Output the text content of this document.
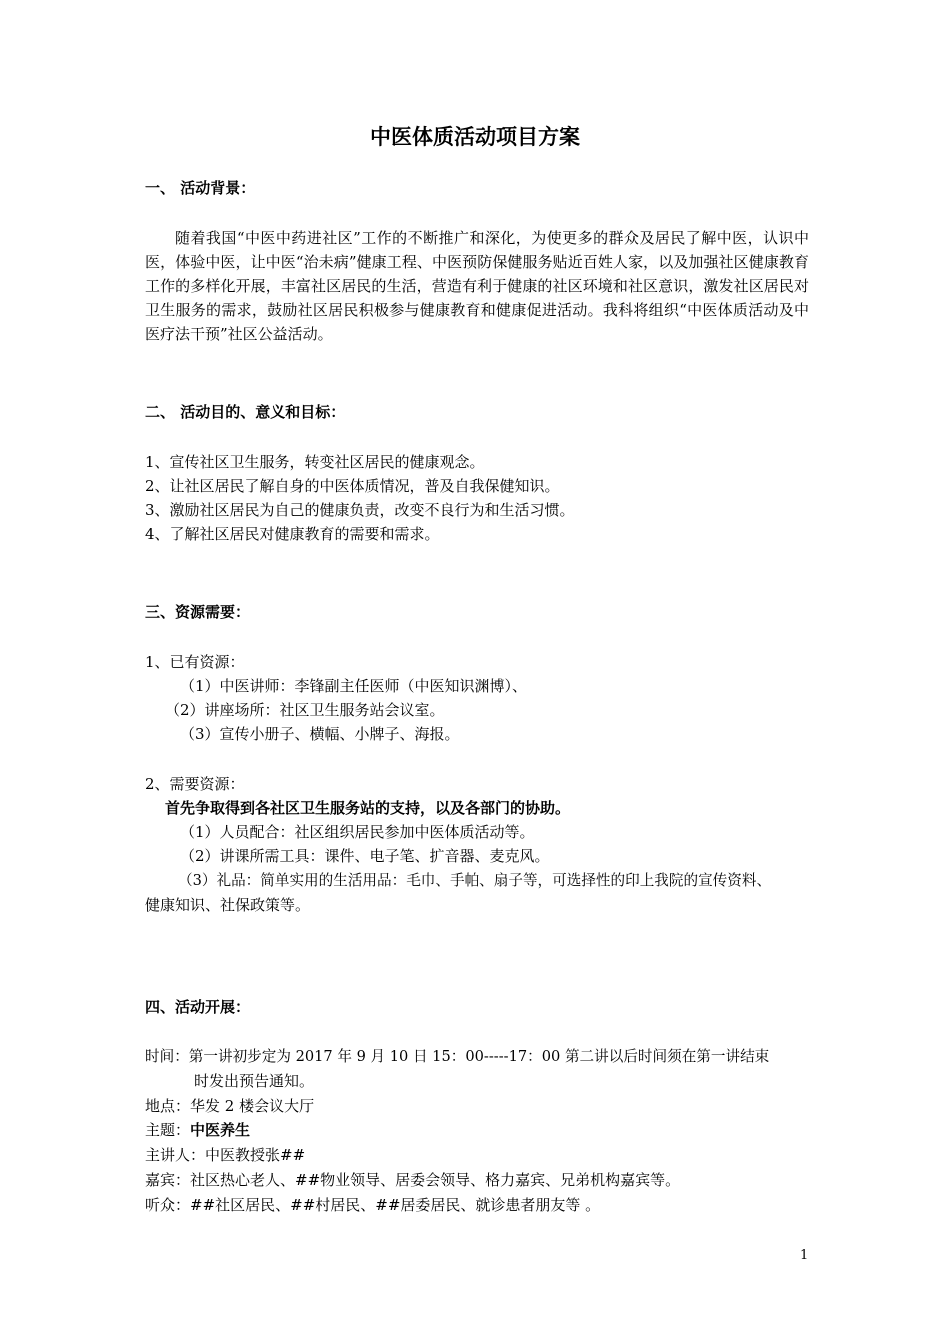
中医体质活动项目方案
一、 活动背景：
随着我国“中医中药进社区”工作的不断推广和深化，为使更多的群众及居民了解中医，认识中医，体验中医，让中医“治未病”健康工程、中医预防保健服务贴近百姓人家，以及加强社区健康教育工作的多样化开展，丰富社区居民的生活，营造有利于健康的社区环境和社区意识，激发社区居民对卫生服务的需求，鼓励社区居民积极参与健康教育和健康促进活动。我科将组织“中医体质活动及中医疗法干预”社区公益活动。
二、 活动目的、意义和目标：
1、宣传社区卫生服务，转变社区居民的健康观念。
2、让社区居民了解自身的中医体质情况，普及自我保健知识。
3、激励社区居民为自己的健康负责，改变不良行为和生活习惯。
4、了解社区居民对健康教育的需要和需求。
三、资源需要：
1、已有资源：
（1）中医讲师：李锋副主任医师（中医知识渊博）、
（2）讲座场所：社区卫生服务站会议室。
（3）宣传小册子、横幅、小牌子、海报。
2、需要资源：
首先争取得到各社区卫生服务站的支持，以及各部门的协助。
（1）人员配合：社区组织居民参加中医体质活动等。
（2）讲课所需工具：课件、电子笔、扩音器、麦克风。
（3）礼品：简单实用的生活用品：毛巾、手帕、扇子等，可选择性的印上我院的宣传资料、
健康知识、社保政策等。
四、活动开展：
时间：第一讲初步定为 2017 年 9 月 10 日 15：00-----17：00 第二讲以后时间须在第一讲结束
时发出预告通知。
地点：华发 2 楼会议大厅
主题：中医养生
主讲人：中医教授张##
嘉宾：社区热心老人、##物业领导、居委会领导、格力嘉宾、兄弟机构嘉宾等。
听众：##社区居民、##村居民、##居委居民、就诊患者朋友等 。
1
